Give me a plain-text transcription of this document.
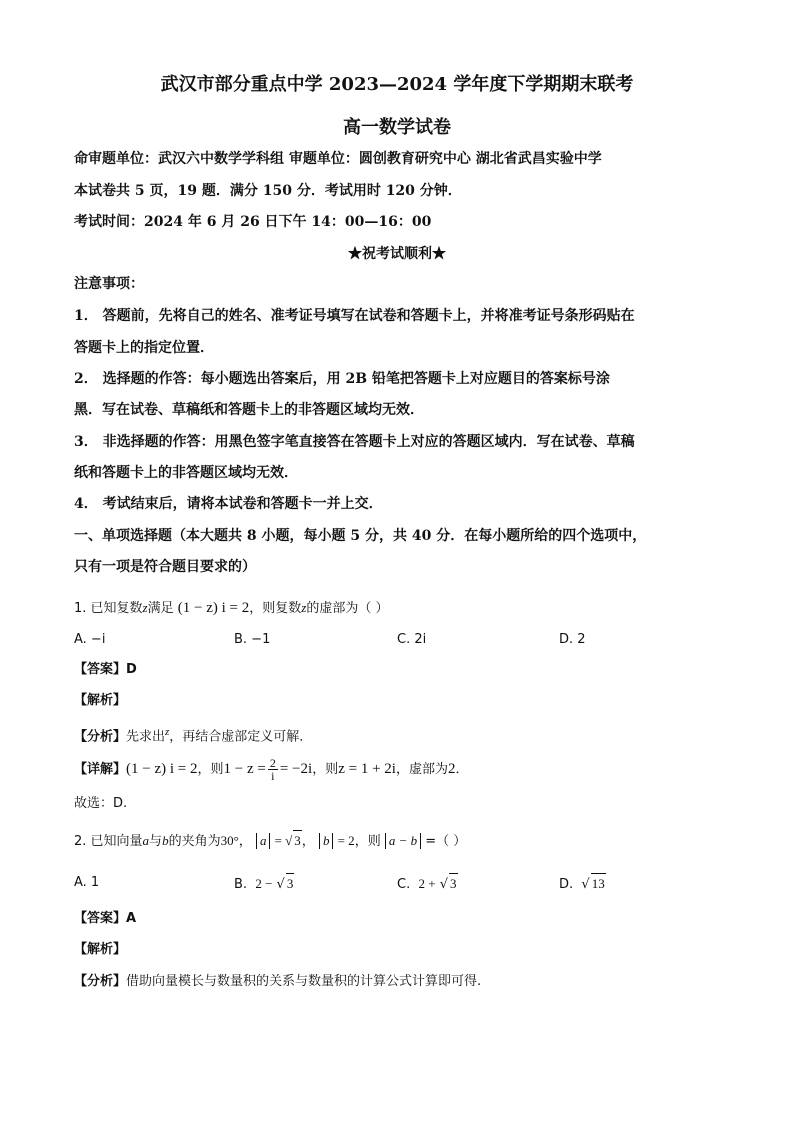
武汉市部分重点中学 2023—2024 学年度下学期期末联考
高一数学试卷
命审题单位：武汉六中数学学科组 审题单位：圆创教育研究中心 湖北省武昌实验中学
本试卷共 5 页，19 题．满分 150 分．考试用时 120 分钟．
考试时间：2024 年 6 月 26 日下午 14：00—16：00
★祝考试顺利★
注意事项：
1． 答题前，先将自己的姓名、准考证号填写在试卷和答题卡上，并将准考证号条形码贴在
答题卡上的指定位置．
2． 选择题的作答：每小题选出答案后，用 2B 铅笔把答题卡上对应题目的答案标号涂
黑．写在试卷、草稿纸和答题卡上的非答题区域均无效．
3． 非选择题的作答：用黑色签字笔直接答在答题卡上对应的答题区域内．写在试卷、草稿
纸和答题卡上的非答题区域均无效．
4． 考试结束后，请将本试卷和答题卡一并上交．
一、单项选择题（本大题共 8 小题，每小题 5 分，共 40 分．在每小题所给的四个选项中，
只有一项是符合题目要求的）
1. 已知复数z满足 (1 − z) i = 2，则复数z的虚部为（ ）
A. −i	B. −1	C. 2i	D. 2
【答案】D
【解析】
【分析】先求出$^z$，再结合虚部定义可解．
【详解】(1 − z) i = 2，则$1 - z = \frac{2}{i} = -2i$，则z = 1 + 2i，虚部为2．
故选：D.
2. 已知向量a与b的夹角为30°， a = √ 3， b = 2，则 a − b =（ ）
A. 1	B.  2 − √ 3	C.  2 + √ 3	D.  √ 13
【答案】A
【解析】
【分析】借助向量模长与数量积的关系与数量积的计算公式计算即可得.
